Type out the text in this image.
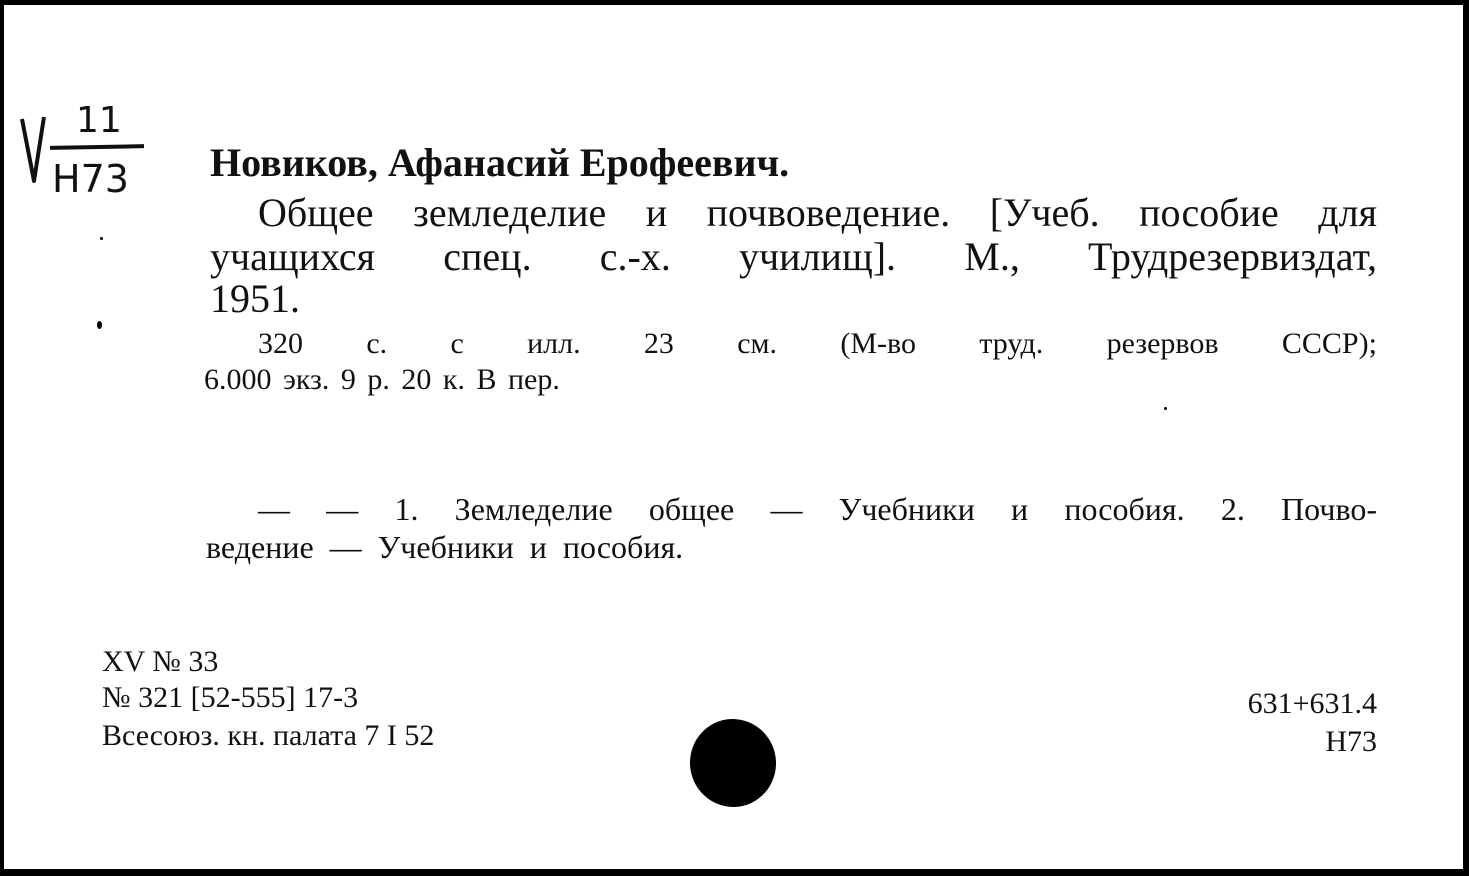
11
Н73 Новиков, Афанасий Ерофеевич.
Общее земледелие и почвоведение. [Учеб. пособие для
учащихся спец. с.-х. училищ]. М., Трудрезервиздат,
1951.
320 с. с илл. 23 см. (М-во труд. резервов СССР);
6.000 экз. 9 р. 20 к. В пер.
— — 1. Земледелие общее — Учебники и пособия. 2. Почво-
ведение — Учебники и пособия.
XV № 33
№ 321 [52-555] 17-3
Всесоюз. кн. палата 7 I 52
631+631.4
Н73
